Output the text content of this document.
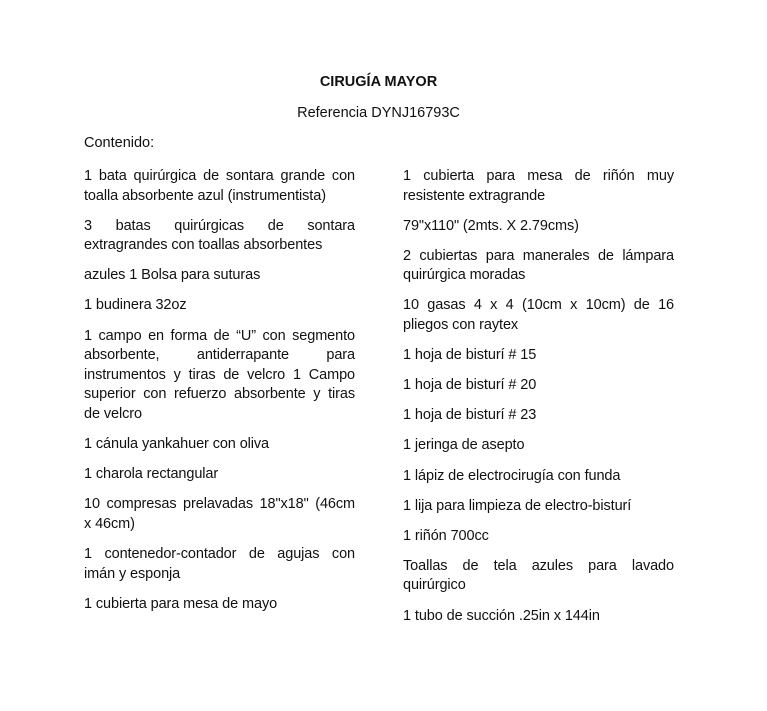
CIRUGÍA MAYOR
Referencia DYNJ16793C
Contenido:

1 bata quirúrgica de sontara grande con toalla absorbente azul (instrumentista)

3 batas quirúrgicas de sontara extragrandes con toallas absorbentes

azules 1 Bolsa para suturas

1 budinera 32oz

1 campo en forma de “U” con segmento absorbente, antiderrapante para instrumentos y tiras de velcro 1 Campo superior con refuerzo absorbente y tiras de velcro

1 cánula yankahuer con oliva

1 charola rectangular

10 compresas prelavadas 18"x18" (46cm x 46cm)

1 contenedor-contador de agujas con imán y esponja

1 cubierta para mesa de mayo

1 cubierta para mesa de riñón muy resistente extragrande

79"x110" (2mts. X 2.79cms)

2 cubiertas para manerales de lámpara quirúrgica moradas

10 gasas 4 x 4 (10cm x 10cm) de 16 pliegos con raytex

1 hoja de bisturí # 15

1 hoja de bisturí # 20

1 hoja de bisturí # 23

1 jeringa de asepto

1 lápiz de electrocirugía con funda

1 lija para limpieza de electro-bisturí

1 riñón 700cc

Toallas de tela azules para lavado quirúrgico

1 tubo de succión .25in x 144in
